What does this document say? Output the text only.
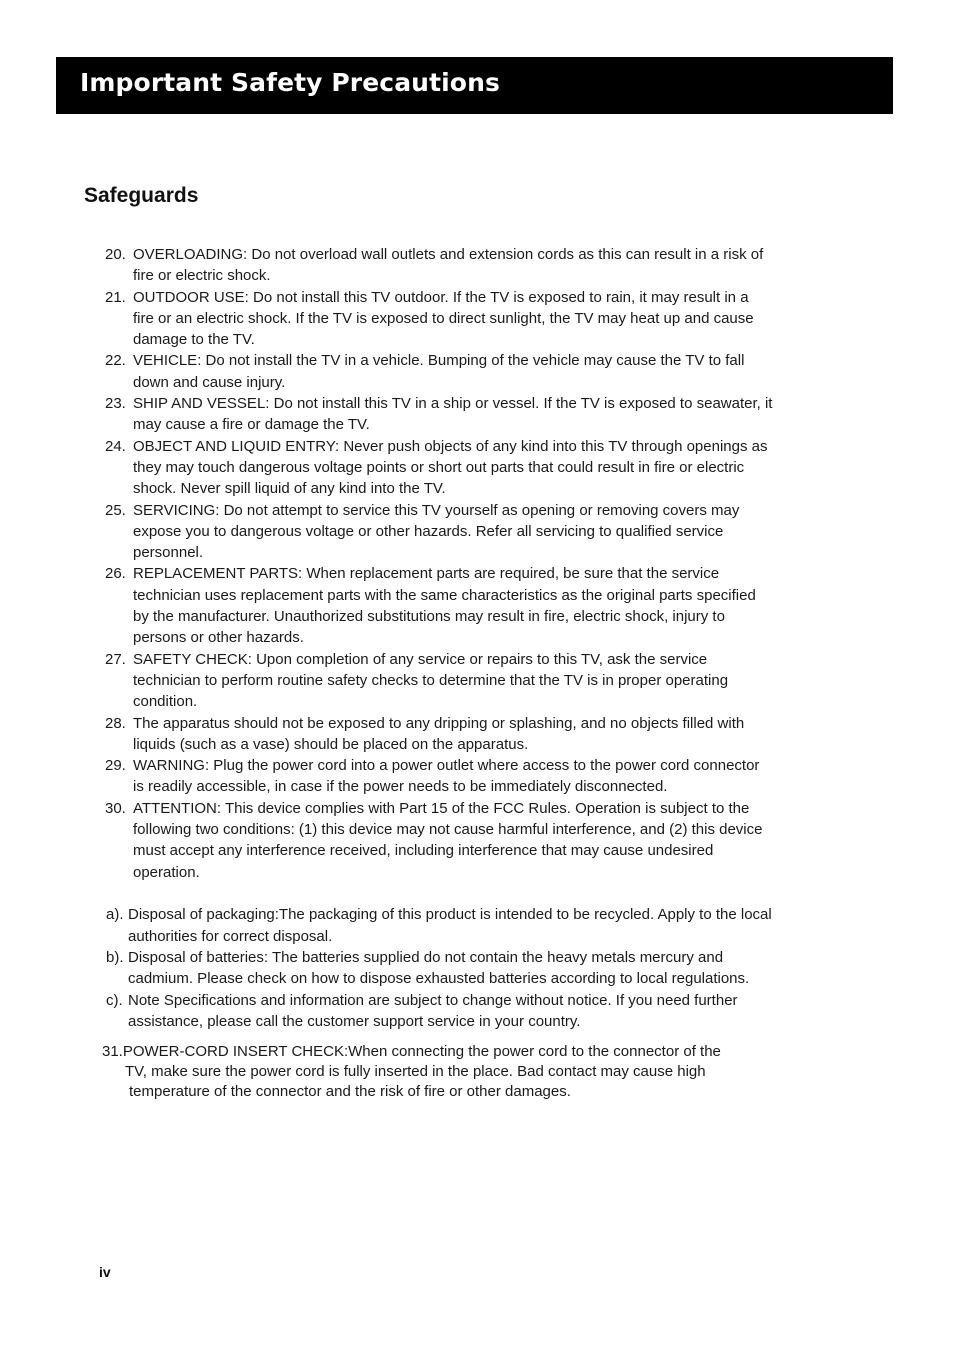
Important Safety Precautions
Safeguards
20. OVERLOADING: Do not overload wall outlets and extension cords as this can result in a risk of fire or electric shock.
21. OUTDOOR USE: Do not install this TV outdoor. If the TV is exposed to rain, it may result in a fire or an electric shock. If the TV is exposed to direct sunlight, the TV may heat up and cause damage to the TV.
22. VEHICLE: Do not install the TV in a vehicle. Bumping of the vehicle may cause the TV to fall down and cause injury.
23. SHIP AND VESSEL: Do not install this TV in a ship or vessel. If the TV is exposed to seawater, it may cause a fire or damage the TV.
24. OBJECT AND LIQUID ENTRY: Never push objects of any kind into this TV through openings as they may touch dangerous voltage points or short out parts that could result in fire or electric shock. Never spill liquid of any kind into the TV.
25. SERVICING: Do not attempt to service this TV yourself as opening or removing covers may expose you to dangerous voltage or other hazards. Refer all servicing to qualified service personnel.
26. REPLACEMENT PARTS: When replacement parts are required, be sure that the service technician uses replacement parts with the same characteristics as the original parts specified by the manufacturer. Unauthorized substitutions may result in fire, electric shock, injury to persons or other hazards.
27. SAFETY CHECK: Upon completion of any service or repairs to this TV, ask the service technician to perform routine safety checks to determine that the TV is in proper operating condition.
28. The apparatus should not be exposed to any dripping or splashing, and no objects filled with liquids (such as a vase) should be placed on the apparatus.
29. WARNING: Plug the power cord into a power outlet where access to the power cord connector is readily accessible, in case if the power needs to be immediately disconnected.
30. ATTENTION: This device complies with Part 15 of the FCC Rules. Operation is subject to the following two conditions: (1) this device may not cause harmful interference, and (2) this device must accept any interference received, including interference that may cause undesired operation.
a). Disposal of packaging:The packaging of this product is intended to be recycled. Apply to the local authorities for correct disposal.
b). Disposal of batteries: The batteries supplied do not contain the heavy metals mercury and cadmium. Please check on how to dispose exhausted batteries according to local regulations.
c). Note Specifications and information are subject to change without notice. If you need further assistance, please call the customer support service in your country.
31.POWER-CORD INSERT CHECK:When connecting the power cord to the connector of the
TV, make sure the power cord is fully inserted in the place. Bad contact may cause high
temperature of the connector and the risk of fire or other damages.

iv
